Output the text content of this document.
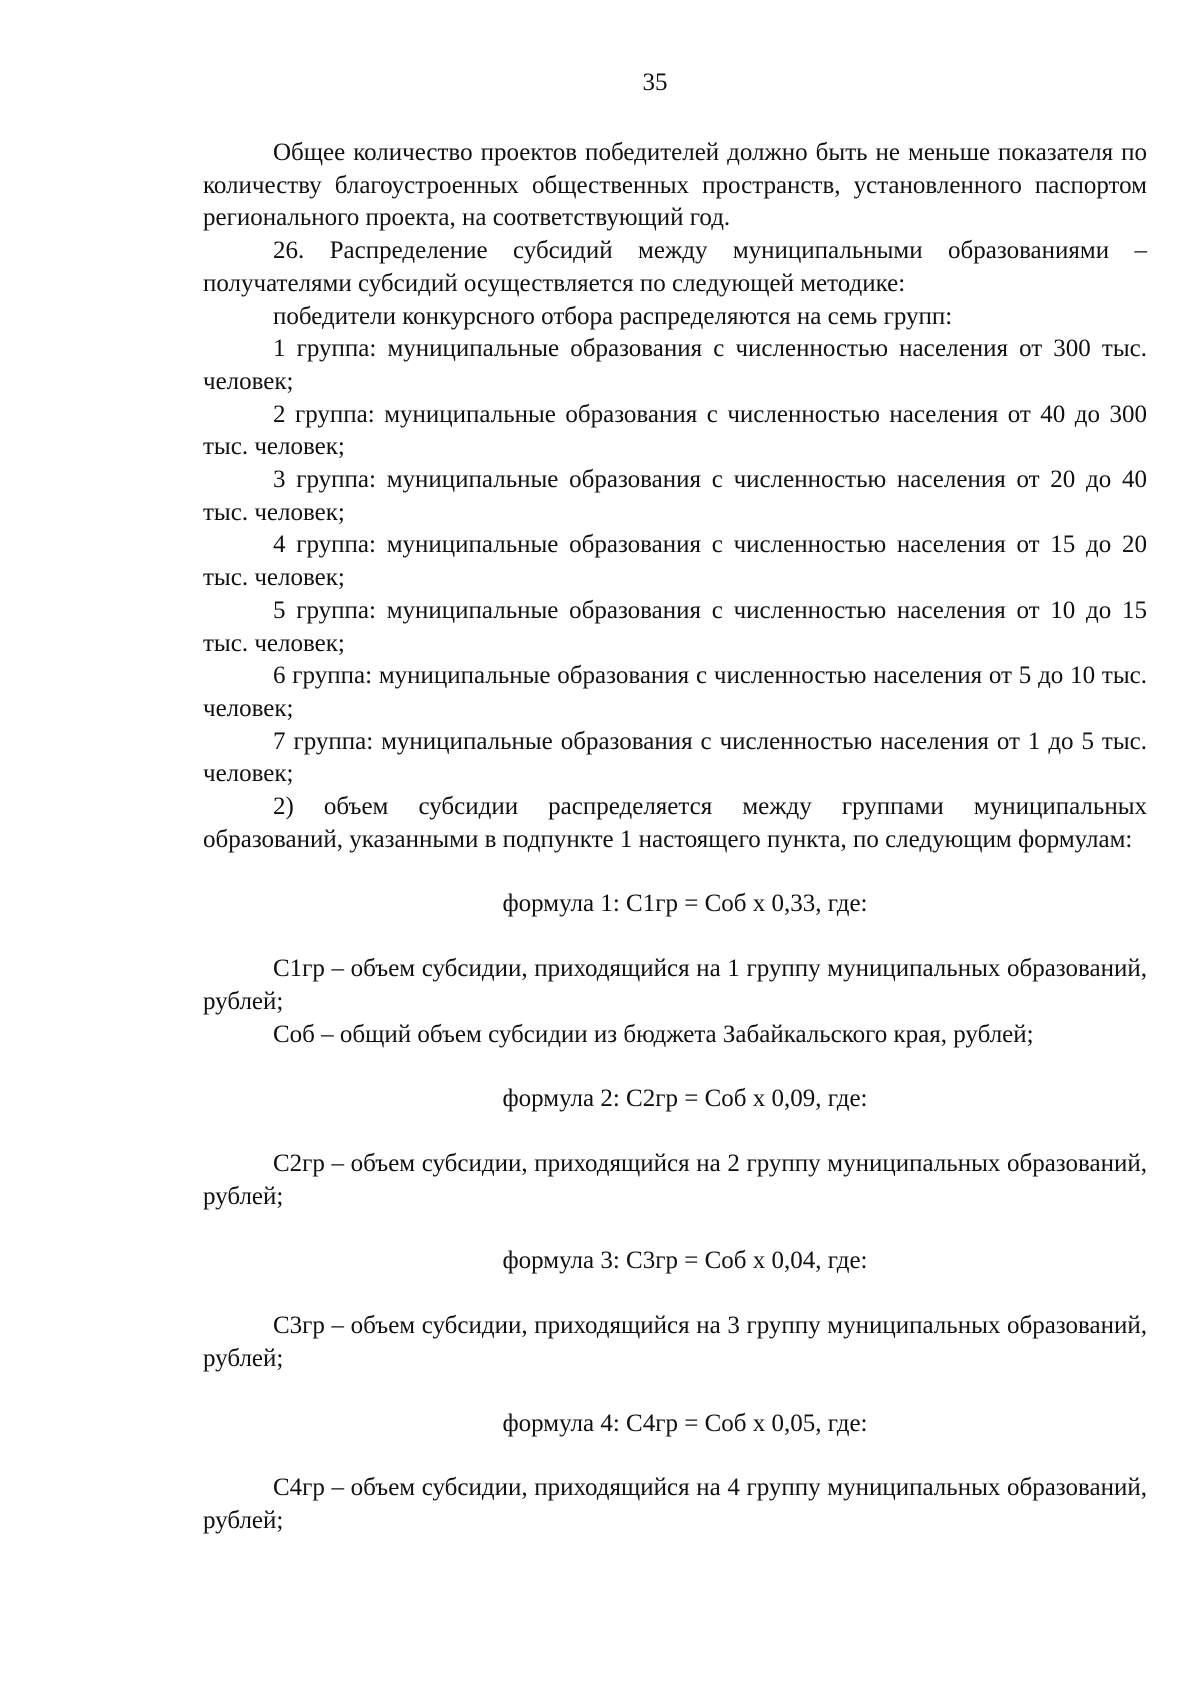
35

Общее количество проектов победителей должно быть не меньше показателя по количеству благоустроенных общественных пространств, установленного паспортом регионального проекта, на соответствующий год.

26. Распределение субсидий между муниципальными образованиями – получателями субсидий осуществляется по следующей методике:

победители конкурсного отбора распределяются на семь групп:

1 группа: муниципальные образования с численностью населения от 300 тыс. человек;

2 группа: муниципальные образования с численностью населения от 40 до 300 тыс. человек;

3 группа: муниципальные образования с численностью населения от 20 до 40 тыс. человек;

4 группа: муниципальные образования с численностью населения от 15 до 20 тыс. человек;

5 группа: муниципальные образования с численностью населения от 10 до 15 тыс. человек;

6 группа: муниципальные образования с численностью населения от 5 до 10 тыс. человек;

7 группа: муниципальные образования с численностью населения от 1 до 5 тыс. человек;

2) объем субсидии распределяется между группами муниципальных образований, указанными в подпункте 1 настоящего пункта, по следующим формулам:

формула 1: С1гр = Соб х 0,33, где:

С1гр – объем субсидии, приходящийся на 1 группу муниципальных образований, рублей;

Соб – общий объем субсидии из бюджета Забайкальского края, рублей;

формула 2: С2гр = Соб х 0,09, где:

С2гр – объем субсидии, приходящийся на 2 группу муниципальных образований, рублей;

формула 3: С3гр = Соб х 0,04, где:

С3гр – объем субсидии, приходящийся на 3 группу муниципальных образований, рублей;

формула 4: С4гр = Соб х 0,05, где:

С4гр – объем субсидии, приходящийся на 4 группу муниципальных образований, рублей;
